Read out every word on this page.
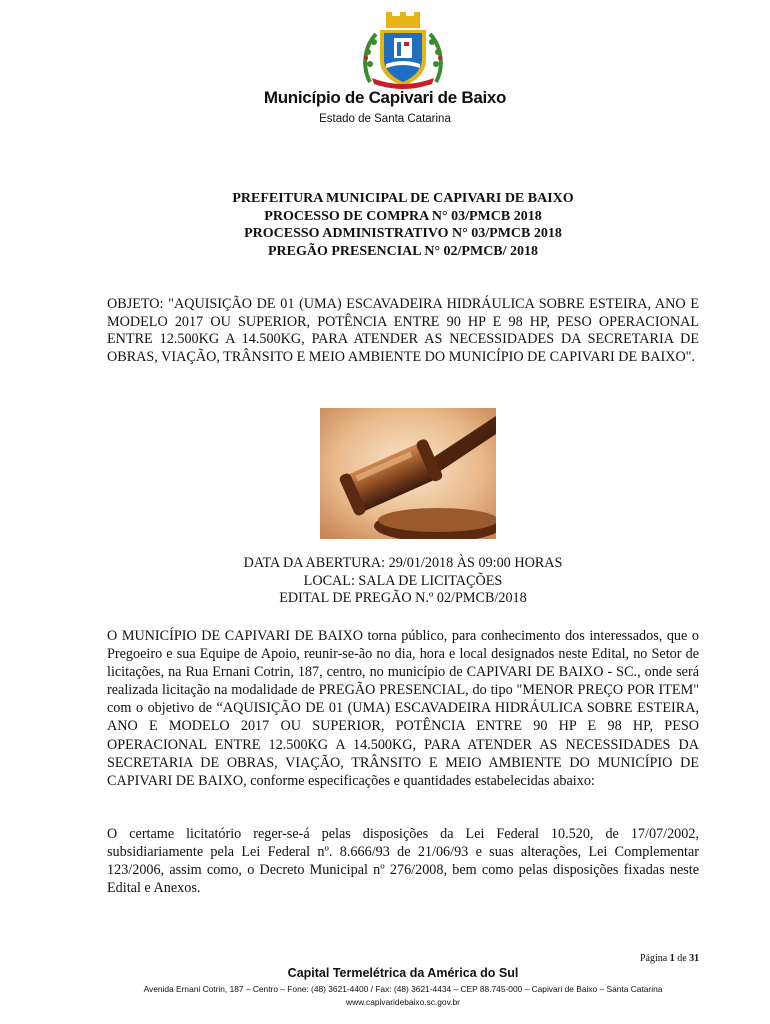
Município de Capivari de Baixo
Estado de Santa Catarina
PREFEITURA MUNICIPAL DE CAPIVARI DE BAIXO
PROCESSO DE COMPRA N° 03/PMCB 2018
PROCESSO ADMINISTRATIVO N° 03/PMCB 2018
PREGÃO PRESENCIAL N° 02/PMCB/ 2018
OBJETO: "AQUISIÇÃO DE 01 (UMA) ESCAVADEIRA HIDRÁULICA SOBRE ESTEIRA, ANO E MODELO 2017 OU SUPERIOR, POTÊNCIA ENTRE 90 HP E 98 HP, PESO OPERACIONAL ENTRE 12.500KG A 14.500KG, PARA ATENDER AS NECESSIDADES DA SECRETARIA DE OBRAS, VIAÇÃO, TRÂNSITO E MEIO AMBIENTE DO MUNICÍPIO DE CAPIVARI DE BAIXO".
DATA DA ABERTURA: 29/01/2018 ÀS 09:00 HORAS
LOCAL: SALA DE LICITAÇÕES
EDITAL DE PREGÃO N.º 02/PMCB/2018
O MUNICÍPIO DE CAPIVARI DE BAIXO torna público, para conhecimento dos interessados, que o Pregoeiro e sua Equipe de Apoio, reunir-se-ão no dia, hora e local designados neste Edital, no Setor de licitações, na Rua Ernani Cotrin, 187, centro, no município de CAPIVARI DE BAIXO - SC., onde será realizada licitação na modalidade de PREGÃO PRESENCIAL, do tipo "MENOR PREÇO POR ITEM" com o objetivo de “AQUISIÇÃO DE 01 (UMA) ESCAVADEIRA HIDRÁULICA SOBRE ESTEIRA, ANO E MODELO 2017 OU SUPERIOR, POTÊNCIA ENTRE 90 HP E 98 HP, PESO OPERACIONAL ENTRE 12.500KG A 14.500KG, PARA ATENDER AS NECESSIDADES DA SECRETARIA DE OBRAS, VIAÇÃO, TRÂNSITO E MEIO AMBIENTE DO MUNICÍPIO DE CAPIVARI DE BAIXO, conforme especificações e quantidades estabelecidas abaixo:
O certame licitatório reger-se-á pelas disposições da Lei Federal 10.520, de 17/07/2002, subsidiariamente pela Lei Federal nº. 8.666/93 de 21/06/93 e suas alterações, Lei Complementar 123/2006, assim como, o Decreto Municipal nº 276/2008, bem como pelas disposições fixadas neste Edital e Anexos.
Página 1 de 31
Capital Termelétrica da América do Sul
Avenida Ernani Cotrin, 187 – Centro – Fone: (48) 3621-4400 / Fax: (48) 3621-4434 – CEP 88.745-000 – Capivari de Baixo – Santa Catarina
www.capivaridebaixo.sc.gov.br
